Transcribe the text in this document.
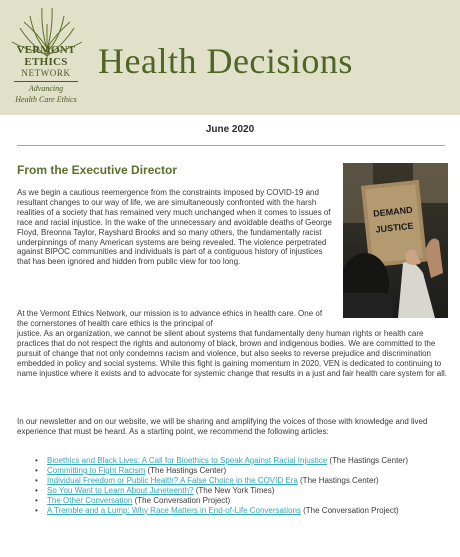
VERMONT
ETHICS
NETWORK
Advancing
Health Care Ethics
Health Decisions
June 2020
From the Executive Director
DEMAND
JUSTICE
As we begin a cautious reemergence from the constraints imposed by COVID-19 and resultant changes to our way of life, we are simultaneously confronted with the harsh realities of a society that has remained very much unchanged when it comes to issues of race and racial injustice. In the wake of the unnecessary and avoidable deaths of George Floyd, Breonna Taylor, Rayshard Brooks and so many others, the fundamentally racist underpinnings of many American systems are being revealed. The violence perpetrated against BIPOC communities and individuals is part of a contiguous history of injustices that has been ignored and hidden from public view for too long.
At the Vermont Ethics Network, our mission is to advance ethics in health care. One of the cornerstones of health care ethics is the principal of
justice. As an organization, we cannot be silent about systems that fundamentally deny human rights or health care practices that do not respect the rights and autonomy of black, brown and indigenous bodies. We are committed to the pursuit of change that not only condemns racism and violence, but also seeks to reverse prejudice and discrimination embedded in policy and social systems. While this fight is gaining momentum in 2020, VEN is dedicated to continuing to name injustice where it exists and to advocate for systemic change that results in a just and fair health care system for all.
In our newsletter and on our website, we will be sharing and amplifying the voices of those with knowledge and lived experience that must be heard. As a starting point, we recommend the following articles:
• Bioethics and Black Lives: A Call for Bioethics to Speak Against Racial Injustice (The Hastings Center)
• Committing to Fight Racism (The Hastings Center)
• Individual Freedom or Public Health? A False Choice in the COVID Era (The Hastings Center)
• So You Want to Learn About Juneteenth? (The New York Times)
• The Other Conversation (The Conversation Project)
• A Tremble and a Lump: Why Race Matters in End-of-Life Conversations (The Conversation Project)
